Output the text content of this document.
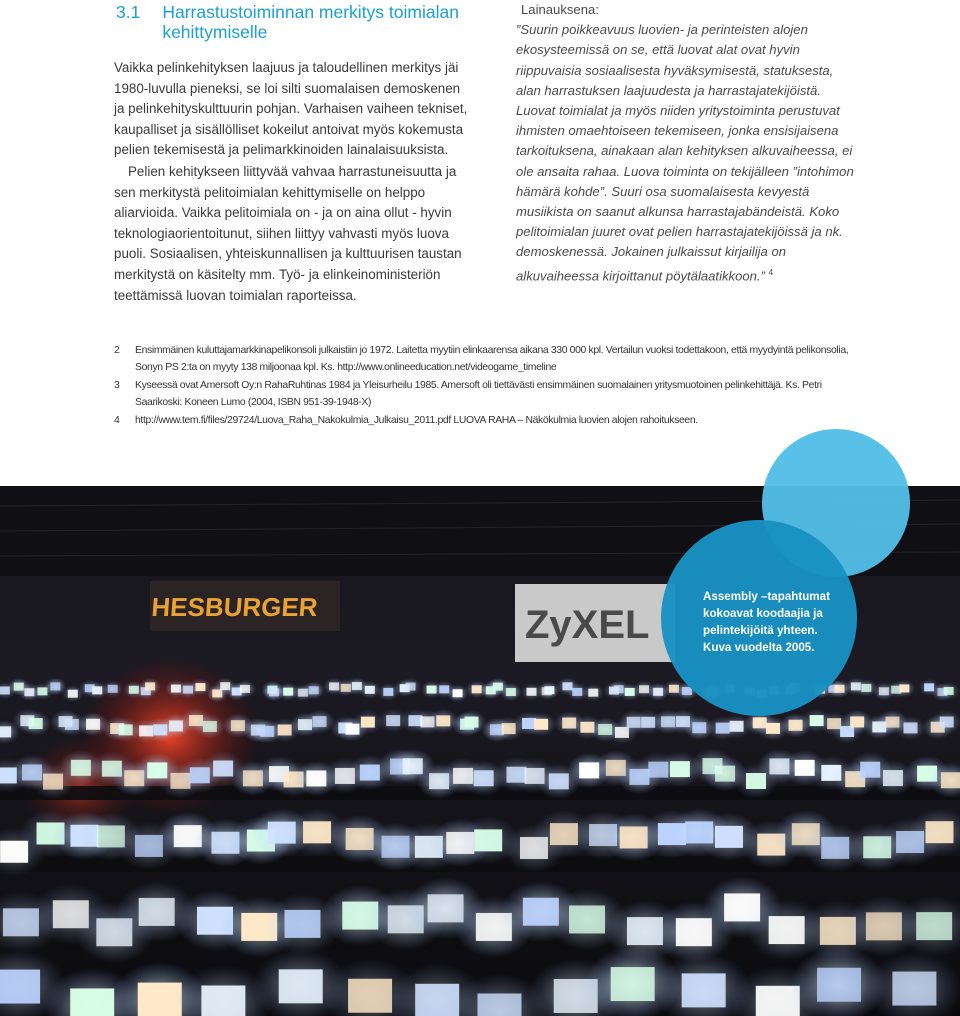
3.1 Harrastustoiminnan merkitys toimialan kehittymiselle

Vaikka pelinkehityksen laajuus ja taloudellinen merkitys jäi 1980-luvulla pieneksi, se loi silti suomalaisen demoskenen ja pelinkehityskulttuurin pohjan. Varhaisen vaiheen tekniset, kaupalliset ja sisällölliset kokeilut antoivat myös kokemusta pelien tekemisestä ja pelimarkkinoiden lainalaisuuksista.

Pelien kehitykseen liittyvää vahvaa harrastuneisuutta ja sen merkitystä pelitoimialan kehittymiselle on helppo aliarvioida. Vaikka pelitoimiala on - ja on aina ollut - hyvin teknologiaorientoitunut, siihen liittyy vahvasti myös luova puoli. Sosiaalisen, yhteiskunnallisen ja kulttuurisen taustan merkitystä on käsitelty mm. Työ- ja elinkeinoministeriön teettämissä luovan toimialan raporteissa.

Lainauksena:
”Suurin poikkeavuus luovien- ja perinteisten alojen ekosysteemissä on se, että luovat alat ovat hyvin riippuvaisia sosiaalisesta hyväksymisestä, statuksesta, alan harrastuksen laajuudesta ja harrastajatekijöistä. Luovat toimialat ja myös niiden yritystoiminta perustuvat ihmisten omaehtoiseen tekemiseen, jonka ensisijaisena tarkoituksena, ainakaan alan kehityksen alkuvaiheessa, ei ole ansaita rahaa. Luova toiminta on tekijälleen ”intohimon hämärä kohde”. Suuri osa suomalaisesta kevyestä musiikista on saanut alkunsa harrastajabändeistä. Koko pelitoimialan juuret ovat pelien harrastajatekijöissä ja nk. demoskenessä. Jokainen julkaissut kirjailija on alkuvaiheessa kirjoittanut pöytälaatikkoon.” $^4$
2	Ensimmäinen kuluttajamarkkinapelikonsoli julkaistiin jo 1972. Laitetta myytiin elinkaarensa aikana 330 000 kpl. Vertailun vuoksi todettakoon, että myydyintä pelikonsolia, Sonyn PS 2:ta on myyty 138 miljoonaa kpl. Ks. http://www.onlineeducation.net/videogame_timeline
3	Kyseessä ovat Amersoft Oy:n RahaRuhtinas 1984 ja Yleisurheilu 1985. Amersoft oli tiettävästi ensimmäinen suomalainen yritysmuotoinen pelinkehittäjä. Ks. Petri Saarikoski: Koneen Lumo (2004, ISBN 951-39-1948-X)
4	http://www.tem.fi/files/29724/Luova_Raha_Nakokulmia_Julkaisu_2011.pdf LUOVA RAHA – Näkökulmia luovien alojen rahoitukseen.
HESBURGER	ZyXEL
Assembly –tapahtumat kokoavat koodaajia ja pelintekijöitä yhteen. Kuva vuodelta 2005.
